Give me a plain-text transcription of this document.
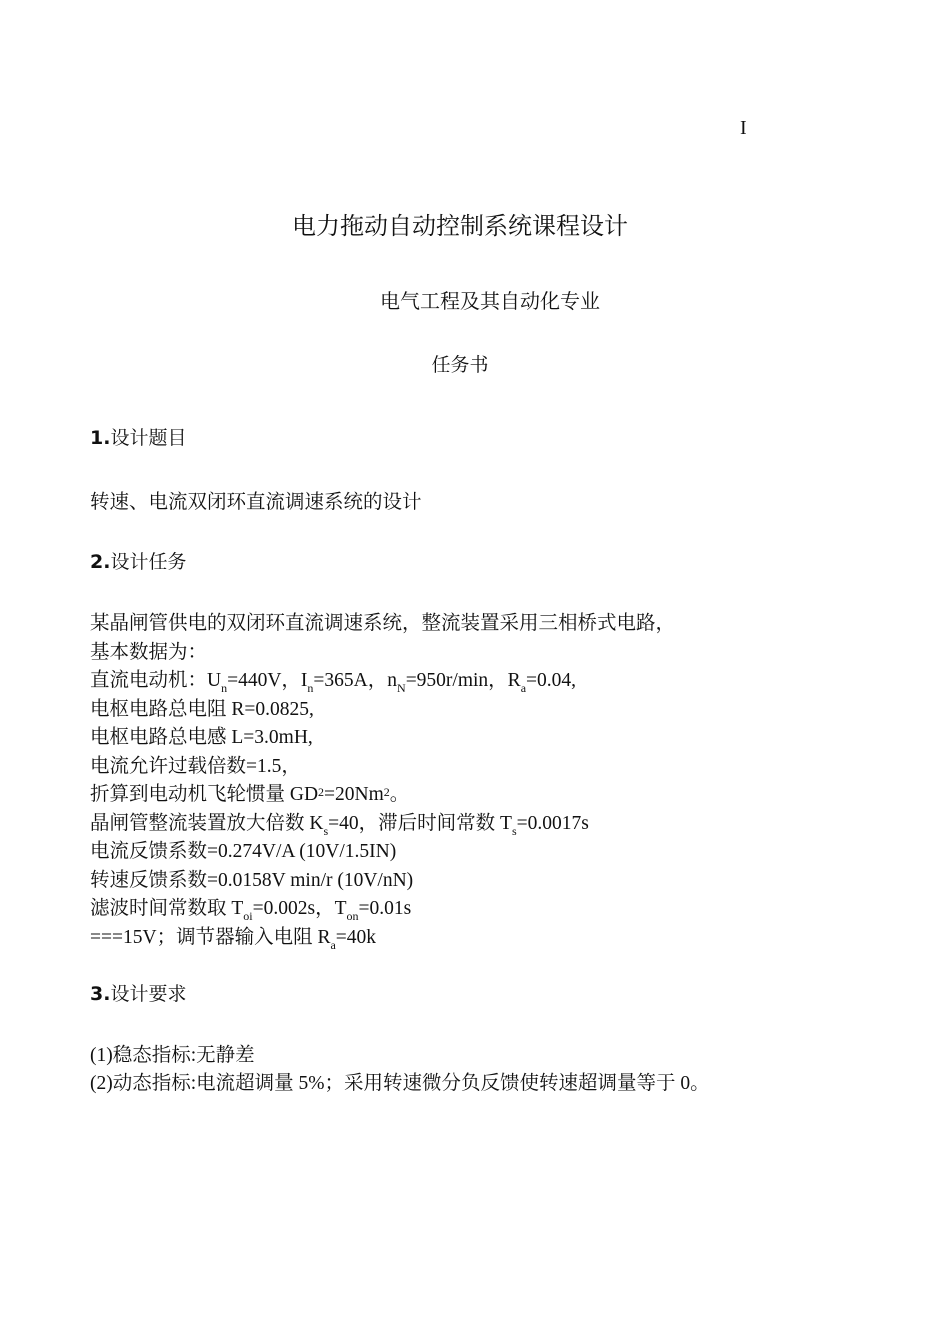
I
电力拖动自动控制系统课程设计
电气工程及其自动化专业
任务书
1.设计题目
转速、电流双闭环直流调速系统的设计
2.设计任务
某晶闸管供电的双闭环直流调速系统，整流装置采用三相桥式电路，
基本数据为：
直流电动机：$U_n=440V$，$I_n=365A$，$n_N=950r/\min$，$R_a=0.04$,
电枢电路总电阻 R=0.0825,
电枢电路总电感 L=3.0mH,
电流允许过载倍数=1.5，
折算到电动机飞轮惯量 $GD^2=20Nm^2$。
晶闸管整流装置放大倍数 $K_s=40$，滞后时间常数 $T_s=0.0017s$
电流反馈系数=0.274V/A (10V/1.5IN)
转速反馈系数=0.0158V min/r (10V/nN)
滤波时间常数取 $T_{oi}=0.002s$，$T_{on}=0.01s$
===15V；调节器输入电阻 $R_a=40k$
3.设计要求
(1)稳态指标:无静差
(2)动态指标:电流超调量 5%；采用转速微分负反馈使转速超调量等于 0。
